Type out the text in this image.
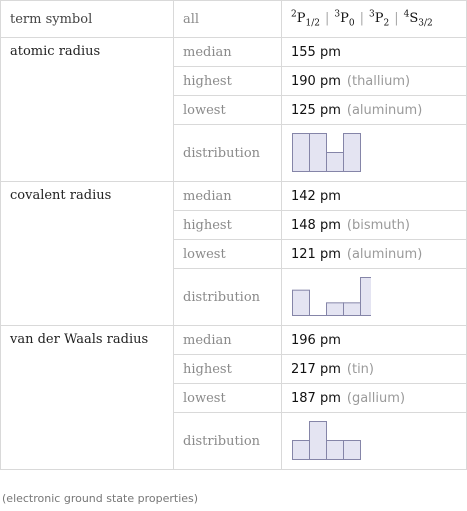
term symbol	all	$^2P_{1/2}$ | $^3P_0$ | $^3P_2$ | $^4S_{3/2}$
atomic radius	median	155 pm
	highest	190 pm ( thallium )
	lowest	125 pm ( aluminum )
	distribution	

covalent radius	median	142 pm
	highest	148 pm ( bismuth )
	lowest	121 pm ( aluminum )
	distribution	

van der Waals radius	median	196 pm
	highest	217 pm ( tin )
	lowest	187 pm ( gallium )
	distribution	
( electronic ground state properties )
